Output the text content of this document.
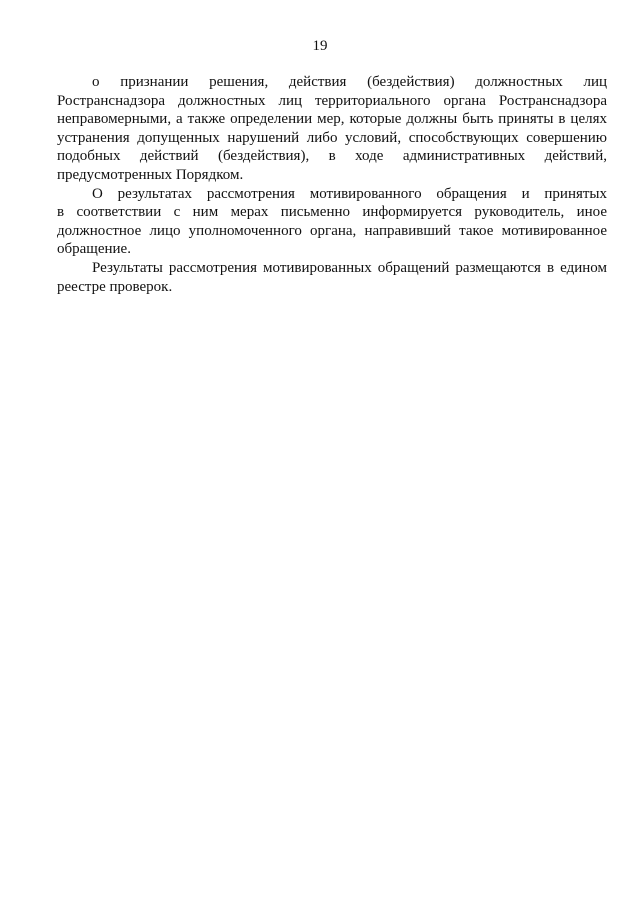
19

о признании решения, действия (бездействия) должностных лиц
Ространснадзора должностных лиц территориального органа Ространснадзора
неправомерными, а также определении мер, которые должны быть приняты в целях
устранения допущенных нарушений либо условий, способствующих совершению
подобных действий (бездействия), в ходе административных действий,
предусмотренных Порядком.

О результатах рассмотрения мотивированного обращения и принятых
в соответствии с ним мерах письменно информируется руководитель, иное
должностное лицо уполномоченного органа, направивший такое мотивированное
обращение.

Результаты рассмотрения мотивированных обращений размещаются в едином
реестре проверок.
